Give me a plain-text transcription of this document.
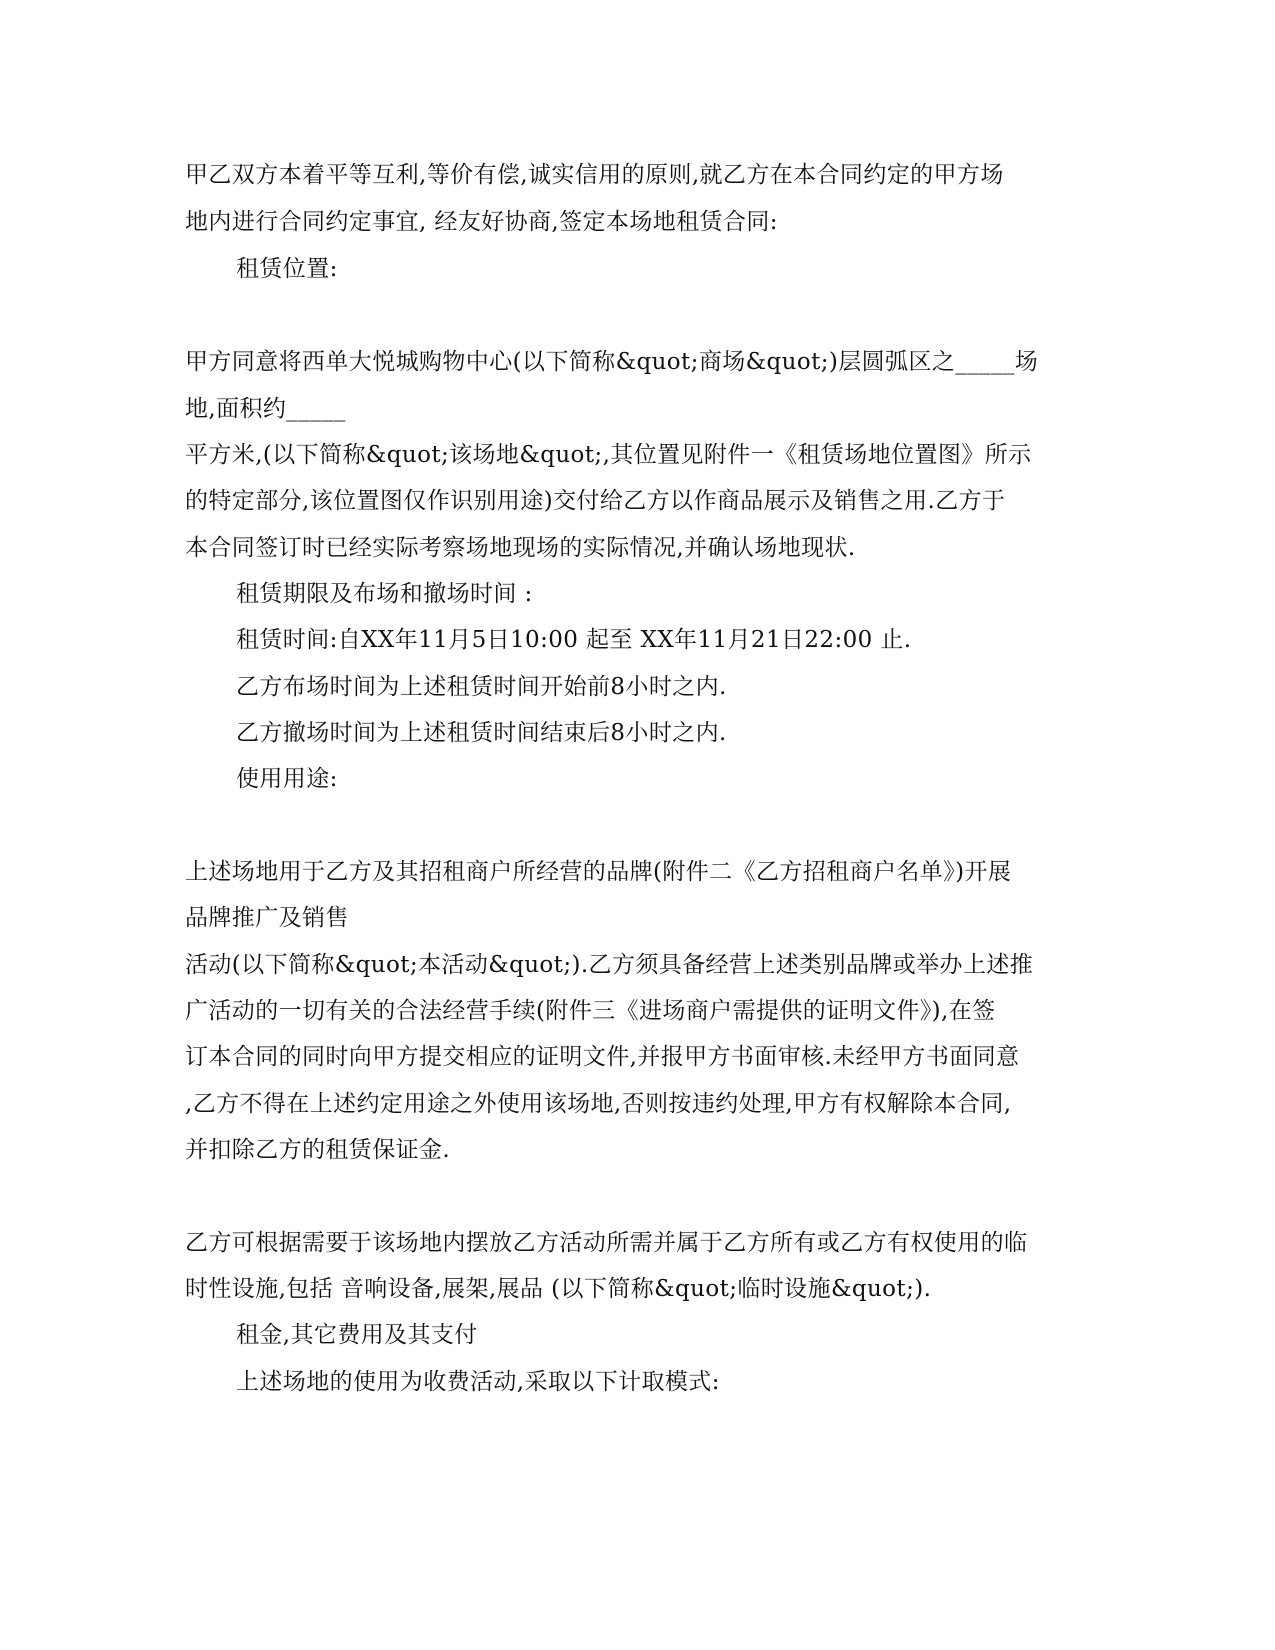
甲乙双方本着平等互利,等价有偿,诚实信用的原则,就乙方在本合同约定的甲方场
地内进行合同约定事宜, 经友好协商,签定本场地租赁合同:
租赁位置:
甲方同意将西单大悦城购物中心(以下简称&quot;商场&quot;)层圆弧区之_____场
地,面积约_____
平方米,(以下简称&quot;该场地&quot;,其位置见附件一《租赁场地位置图》所示
的特定部分,该位置图仅作识别用途)交付给乙方以作商品展示及销售之用.乙方于
本合同签订时已经实际考察场地现场的实际情况,并确认场地现状.
租赁期限及布场和撤场时间 :
租赁时间:自XX年11月5日10:00 起至 XX年11月21日22:00 止.
乙方布场时间为上述租赁时间开始前8小时之内.
乙方撤场时间为上述租赁时间结束后8小时之内.
使用用途:
上述场地用于乙方及其招租商户所经营的品牌(附件二《乙方招租商户名单》)开展
品牌推广及销售
活动(以下简称&quot;本活动&quot;).乙方须具备经营上述类别品牌或举办上述推
广活动的一切有关的合法经营手续(附件三《进场商户需提供的证明文件》),在签
订本合同的同时向甲方提交相应的证明文件,并报甲方书面审核.未经甲方书面同意
,乙方不得在上述约定用途之外使用该场地,否则按违约处理,甲方有权解除本合同,
并扣除乙方的租赁保证金.
乙方可根据需要于该场地内摆放乙方活动所需并属于乙方所有或乙方有权使用的临
时性设施,包括 音响设备,展架,展品 (以下简称&quot;临时设施&quot;).
租金,其它费用及其支付
上述场地的使用为收费活动,采取以下计取模式:
